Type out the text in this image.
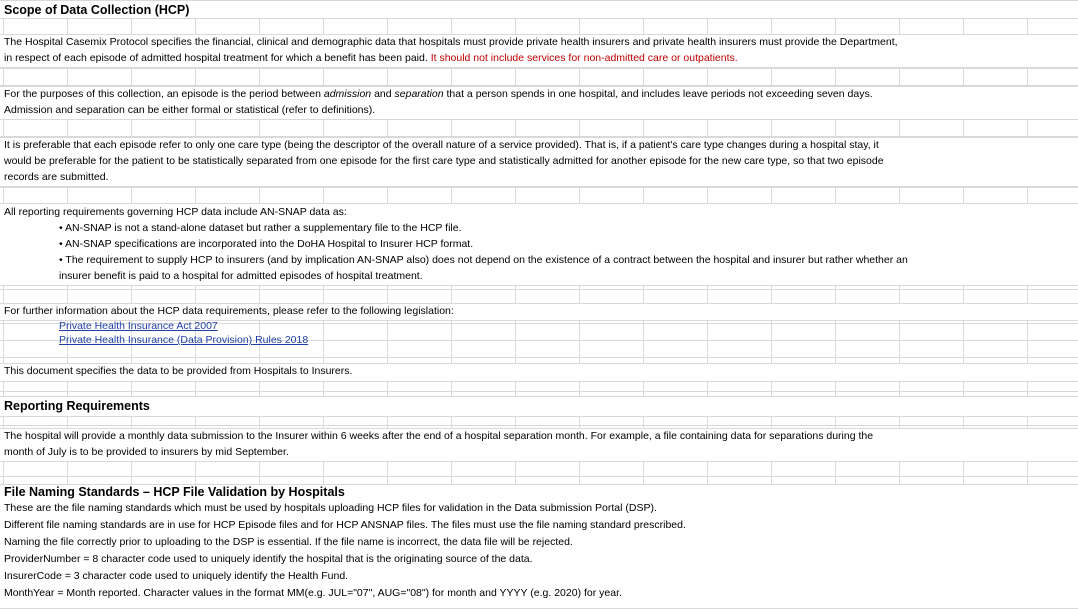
Scope of Data Collection (HCP)
The Hospital Casemix Protocol specifies the financial, clinical and demographic data that hospitals must provide private health insurers and private health insurers must provide the Department,
in respect of each episode of admitted hospital treatment for which a benefit has been paid. It should not include services for non-admitted care or outpatients.
For the purposes of this collection, an episode is the period between admission and separation that a person spends in one hospital, and includes leave periods not exceeding seven days.
Admission and separation can be either formal or statistical (refer to definitions).
It is preferable that each episode refer to only one care type (being the descriptor of the overall nature of a service provided). That is, if a patient's care type changes during a hospital stay, it
would be preferable for the patient to be statistically separated from one episode for the first care type and statistically admitted for another episode for the new care type, so that two episode
records are submitted.
All reporting requirements governing HCP data include AN-SNAP data as:
• AN-SNAP is not a stand-alone dataset but rather a supplementary file to the HCP file.
• AN-SNAP specifications are incorporated into the DoHA Hospital to Insurer HCP format.
• The requirement to supply HCP to insurers (and by implication AN-SNAP also) does not depend on the existence of a contract between the hospital and insurer but rather whether an
insurer benefit is paid to a hospital for admitted episodes of hospital treatment.
For further information about the HCP data requirements, please refer to the following legislation:
Private Health Insurance Act 2007
Private Health Insurance (Data Provision) Rules 2018
This document specifies the data to be provided from Hospitals to Insurers.
Reporting Requirements
The hospital will provide a monthly data submission to the Insurer within 6 weeks after the end of a hospital separation month. For example, a file containing data for separations during the
month of July is to be provided to insurers by mid September.
File Naming Standards – HCP File Validation by Hospitals
These are the file naming standards which must be used by hospitals uploading HCP files for validation in the Data submission Portal (DSP).
Different file naming standards are in use for HCP Episode files and for HCP ANSNAP files. The files must use the file naming standard prescribed.
Naming the file correctly prior to uploading to the DSP is essential. If the file name is incorrect, the data file will be rejected.
ProviderNumber = 8 character code used to uniquely identify the hospital that is the originating source of the data.
InsurerCode = 3 character code used to uniquely identify the Health Fund.
MonthYear = Month reported. Character values in the format MM(e.g. JUL="07", AUG="08") for month and YYYY (e.g. 2020) for year.
